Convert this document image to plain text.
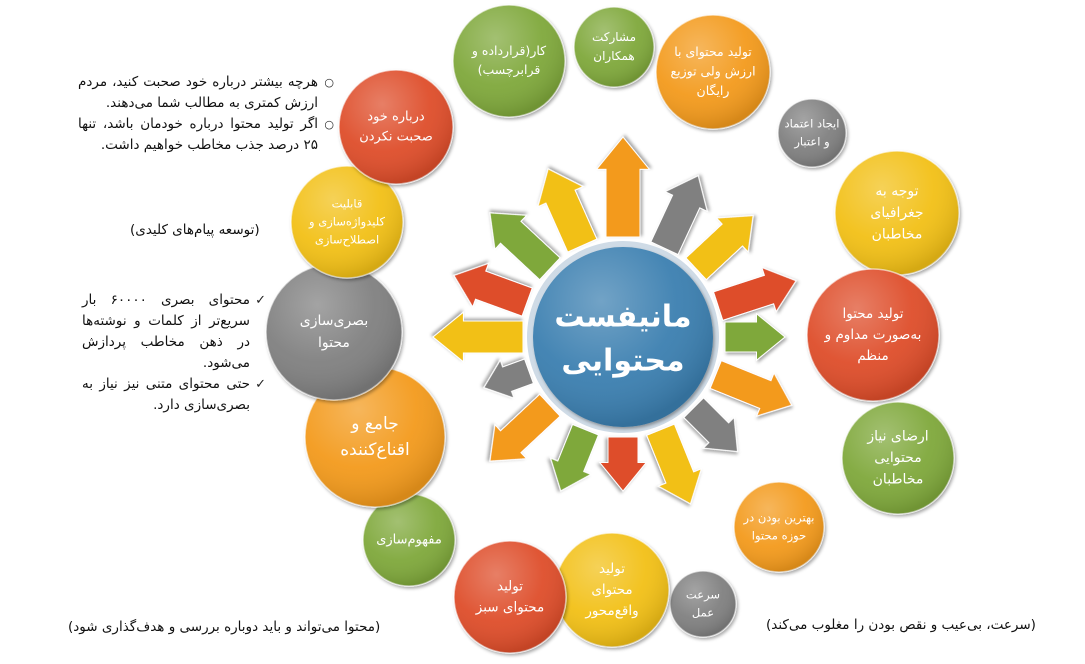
مانیفست
محتوایی
مشارکت
همکاران	تولید محتوای با
ارزش ولی توزیع
رایگان
ایجاد اعتماد
و اعتبار
توجه به
جغرافیای
مخاطبان
تولید محتوا
به‌صورت مداوم و
منظم
ارضای نیاز
محتوایی
مخاطبان
بهترین بودن در
حوزه محتوا
سرعت
عمل
تولید
محتوای
واقع‌محور
تولید
محتوای سبز
مفهوم‌سازی
جامع و
اقناع‌کننده
بصری‌سازی
محتوا
قابلیت
کلیدواژه‌سازی و
اصطلاح‌سازی
درباره خود
صحبت نکردن
کار(قرارداده و
قرابرچسب)
○ هرچه بیشتر درباره خود صحبت کنید، مردم ارزش کمتری به مطالب شما می‌دهند.
○ اگر تولید محتوا درباره خودمان باشد، تنها ۲۵ درصد جذب مخاطب خواهیم داشت.
(توسعه پیام‌های کلیدی)
✓ محتوای بصری ۶۰۰۰۰ بار سریع‌تر از کلمات و نوشته‌ها در ذهن مخاطب پردازش می‌شود.
✓ حتی محتوای متنی نیز نیاز به بصری‌سازی دارد.
(محتوا می‌تواند و باید دوباره بررسی و هدف‌گذاری شود)	(سرعت، بی‌عیب و نقص بودن را مغلوب می‌کند)
